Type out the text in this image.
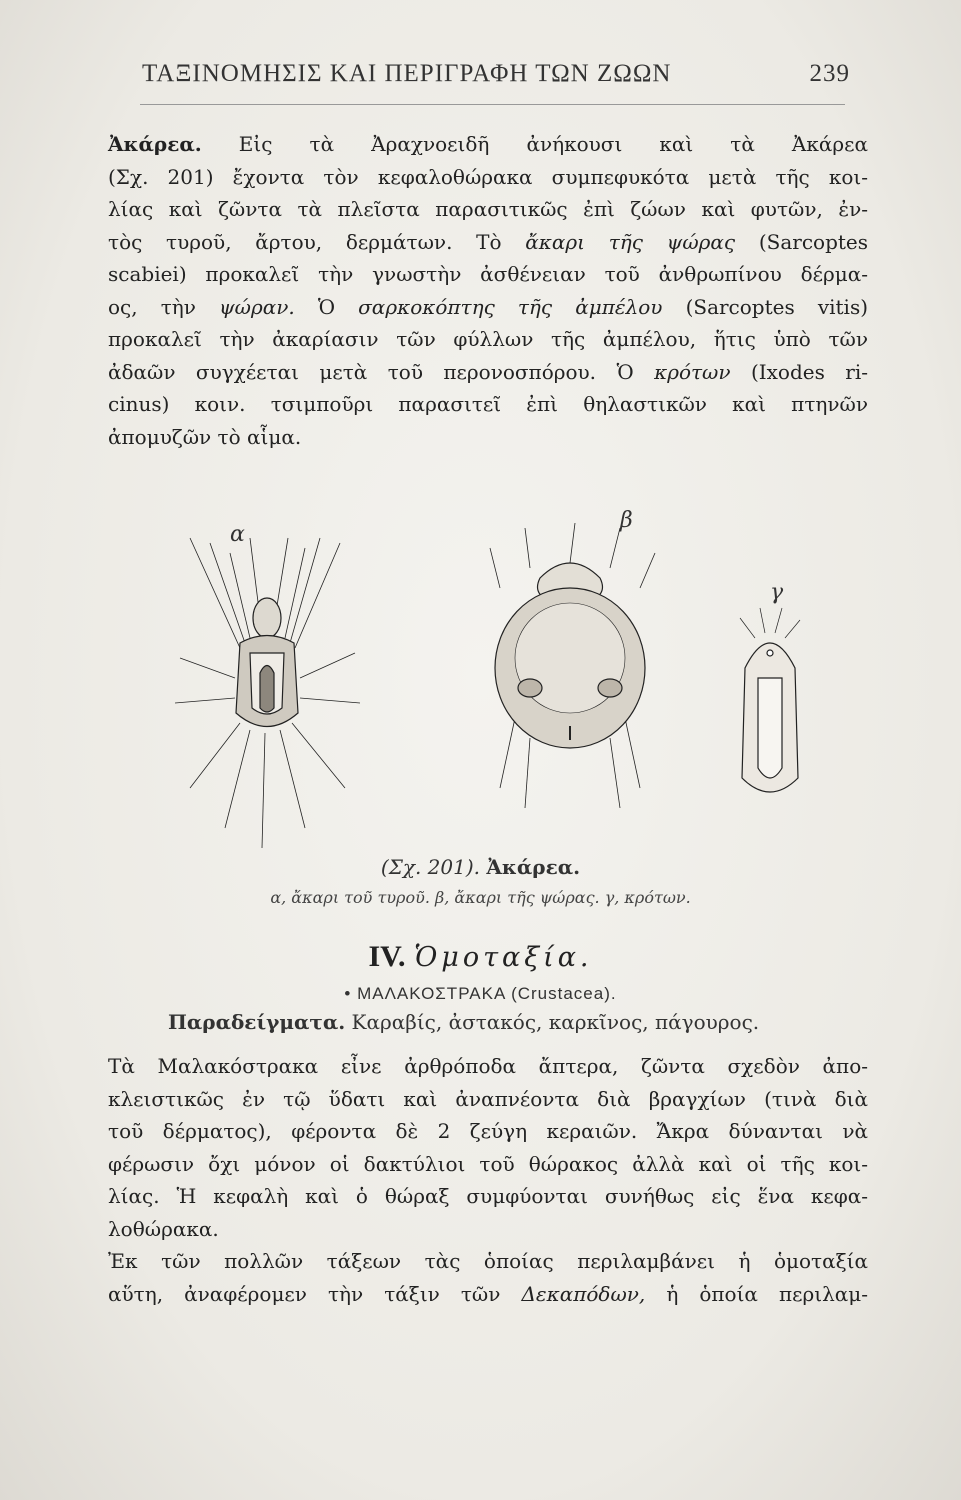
ΤΑΞΙΝΟΜΗΣΙΣ ΚΑΙ ΠΕΡΙΓΡΑΦΗ ΤΩΝ ΖΩΩΝ	239
Ἀκάρεα. Εἰς τὰ Ἀραχνοειδῆ ἀνήκουσι καὶ τὰ Ἀκάρεα
(Σχ. 201) ἔχοντα τὸν κεφαλοθώρακα συμπεφυκότα μετὰ τῆς κοι-
λίας καὶ ζῶντα τὰ πλεῖστα παρασιτικῶς ἐπὶ ζώων καὶ φυτῶν, ἐν-
τὸς τυροῦ, ἄρτου, δερμάτων. Τὸ ἄκαρι τῆς ψώρας (Sarcoptes
scabiei) προκαλεῖ τὴν γνωστὴν ἀσθένειαν τοῦ ἀνθρωπίνου δέρμα-
ος, τὴν ψώραν. Ὁ σαρκοκόπτης τῆς ἀμπέλου (Sarcoptes vitis)
προκαλεῖ τὴν ἀκαρίασιν τῶν φύλλων τῆς ἀμπέλου, ἥτις ὑπὸ τῶν
ἀδαῶν συγχέεται μετὰ τοῦ περονοσπόρου. Ὁ κρότων (Ixodes ri-
cinus) κοιν. τσιμποῦρι παρασιτεῖ ἐπὶ θηλαστικῶν καὶ πτηνῶν
ἀπομυζῶν τὸ αἷμα.
α
β
γ
(Σχ. 201). Ἀκάρεα.
α, ἄκαρι τοῦ τυροῦ. β, ἄκαρι τῆς ψώρας. γ, κρότων.
IV. Ὁμοταξία.
• ΜΑΛΑΚΟΣΤΡΑΚΑ (Crustacea).
Παραδείγματα. Καραβίς, ἀστακός, καρκῖνος, πάγουρος.
Τὰ Μαλακόστρακα εἶνε ἀρθρόποδα ἄπτερα, ζῶντα σχεδὸν ἀπο-
κλειστικῶς ἐν τῷ ὕδατι καὶ ἀναπνέοντα διὰ βραγχίων (τινὰ διὰ
τοῦ δέρματος), φέροντα δὲ 2 ζεύγη κεραιῶν. Ἄκρα δύνανται νὰ
φέρωσιν ὄχι μόνον οἱ δακτύλιοι τοῦ θώρακος ἀλλὰ καὶ οἱ τῆς κοι-
λίας. Ἡ κεφαλὴ καὶ ὁ θώραξ συμφύονται συνήθως εἰς ἕνα κεφα-
λοθώρακα.
Ἐκ τῶν πολλῶν τάξεων τὰς ὁποίας περιλαμβάνει ἡ ὁμοταξία
αὕτη, ἀναφέρομεν τὴν τάξιν τῶν Δεκαπόδων, ἡ ὁποία περιλαμ-
